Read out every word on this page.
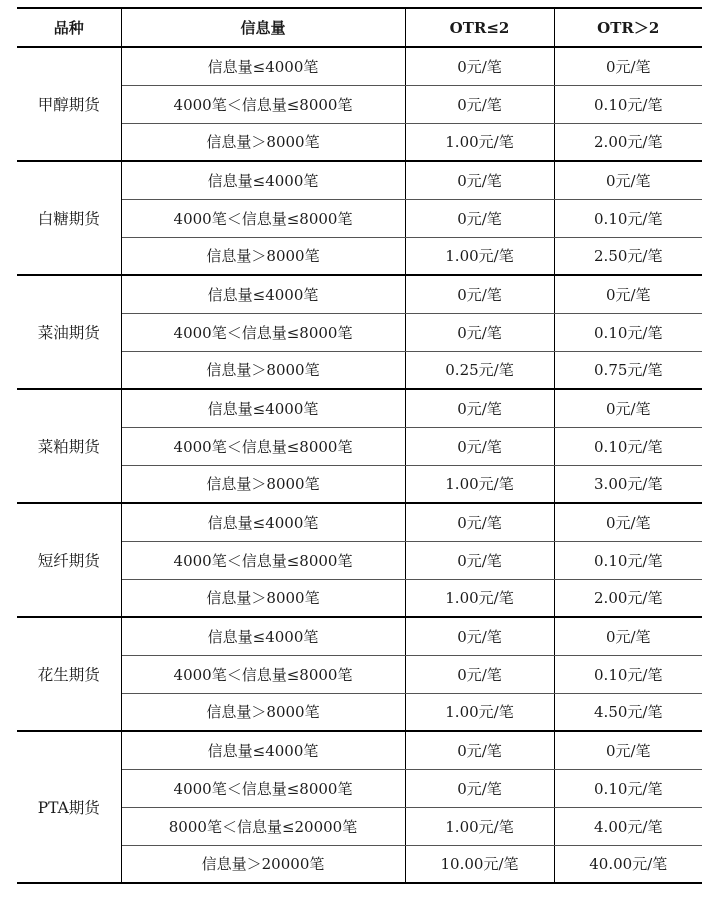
品种	信息量	OTR≤2	OTR＞2
甲醇期货	信息量≤4000笔	0元/笔	0元/笔
	4000笔＜信息量≤8000笔	0元/笔	0.10元/笔
	信息量＞8000笔	1.00元/笔	2.00元/笔
白糖期货	信息量≤4000笔	0元/笔	0元/笔
	4000笔＜信息量≤8000笔	0元/笔	0.10元/笔
	信息量＞8000笔	1.00元/笔	2.50元/笔
菜油期货	信息量≤4000笔	0元/笔	0元/笔
	4000笔＜信息量≤8000笔	0元/笔	0.10元/笔
	信息量＞8000笔	0.25元/笔	0.75元/笔
菜粕期货	信息量≤4000笔	0元/笔	0元/笔
	4000笔＜信息量≤8000笔	0元/笔	0.10元/笔
	信息量＞8000笔	1.00元/笔	3.00元/笔
短纤期货	信息量≤4000笔	0元/笔	0元/笔
	4000笔＜信息量≤8000笔	0元/笔	0.10元/笔
	信息量＞8000笔	1.00元/笔	2.00元/笔
花生期货	信息量≤4000笔	0元/笔	0元/笔
	4000笔＜信息量≤8000笔	0元/笔	0.10元/笔
	信息量＞8000笔	1.00元/笔	4.50元/笔
PTA期货	信息量≤4000笔	0元/笔	0元/笔
	4000笔＜信息量≤8000笔	0元/笔	0.10元/笔
	8000笔＜信息量≤20000笔	1.00元/笔	4.00元/笔
	信息量＞20000笔	10.00元/笔	40.00元/笔
